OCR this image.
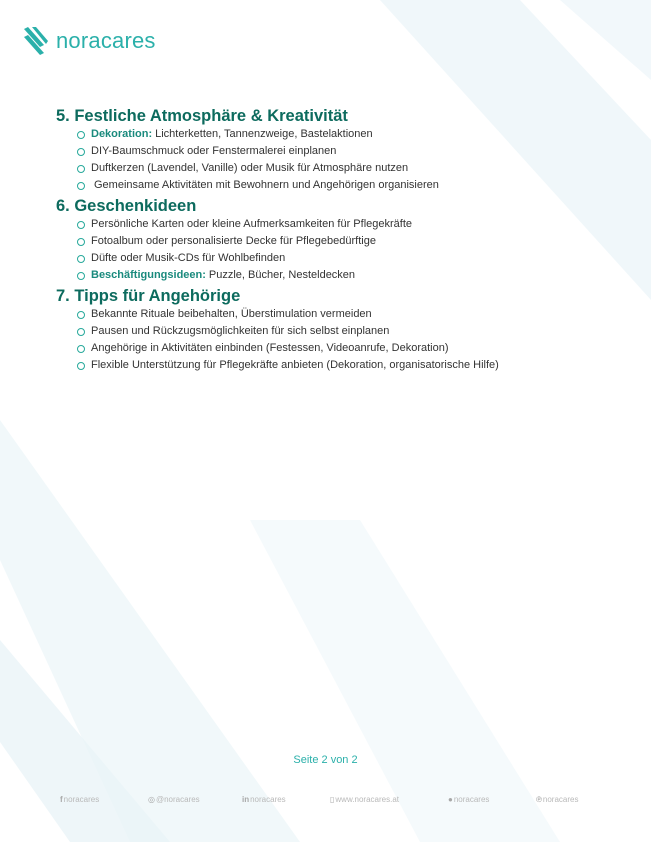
noracares
5. Festliche Atmosphäre & Kreativität
Dekoration: Lichterketten, Tannenzweige, Bastelaktionen
DIY-Baumschmuck oder Fenstermalerei einplanen
Duftkerzen (Lavendel, Vanille) oder Musik für Atmosphäre nutzen
Gemeinsame Aktivitäten mit Bewohnern und Angehörigen organisieren
6. Geschenkideen
Persönliche Karten oder kleine Aufmerksamkeiten für Pflegekräfte
Fotoalbum oder personalisierte Decke für Pflegebedürftige
Düfte oder Musik-CDs für Wohlbefinden
Beschäftigungsideen: Puzzle, Bücher, Nesteldecken
7. Tipps für Angehörige
Bekannte Rituale beibehalten, Überstimulation vermeiden
Pausen und Rückzugsmöglichkeiten für sich selbst einplanen
Angehörige in Aktivitäten einbinden (Festessen, Videoanrufe, Dekoration)
Flexible Unterstützung für Pflegekräfte anbieten (Dekoration, organisatorische Hilfe)
Seite 2 von 2
f noracares	◎ @noracares	in noracares	▯ www.noracares.at	● noracares	℗ noracares
